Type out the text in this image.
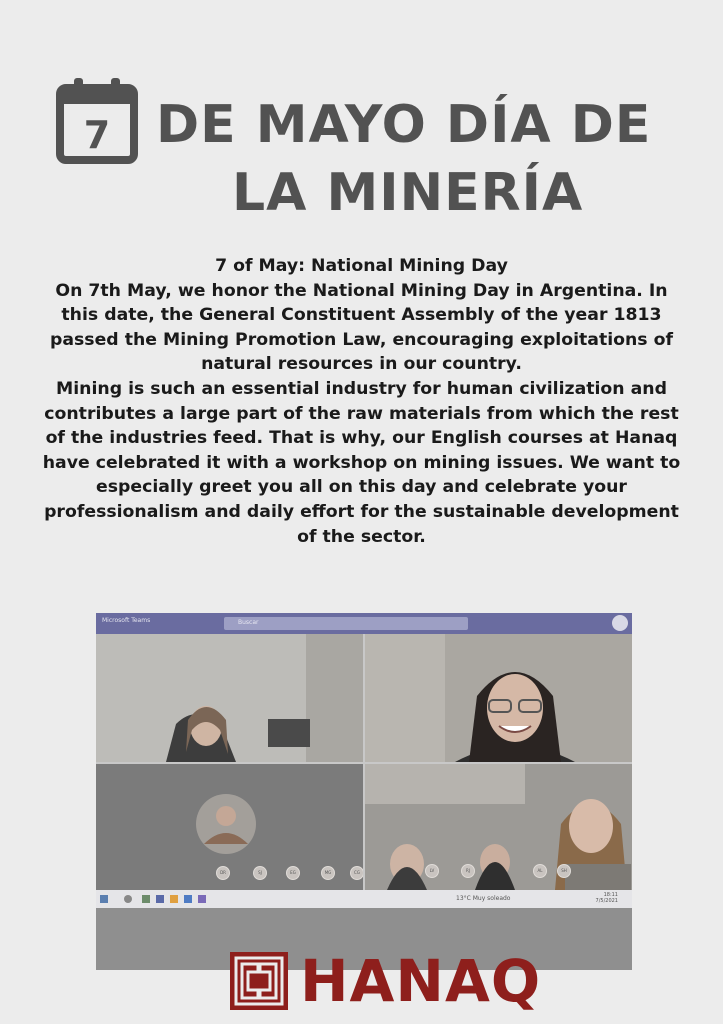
7 DE MAYO DÍA DE
LA MINERÍA

7 of May: National Mining Day

On 7th May, we honor the National Mining Day in Argentina. In this date, the General Constituent Assembly of the year 1813 passed the Mining Promotion Law, encouraging exploitations of natural resources in our country.

Mining is such an essential industry for human civilization and contributes a large part of the raw materials from which the rest of the industries feed. That is why, our English courses at Hanaq have celebrated it with a workshop on mining issues. We want to especially greet you all on this day and celebrate your professionalism and daily effort for the sustainable development of the sector.

Microsoft Teams	Buscar
DR	SJ	EG	MG	CG	LV	RJ	AL	SH
13°C Muy soleado	18:11
7/5/2021
HANAQ
